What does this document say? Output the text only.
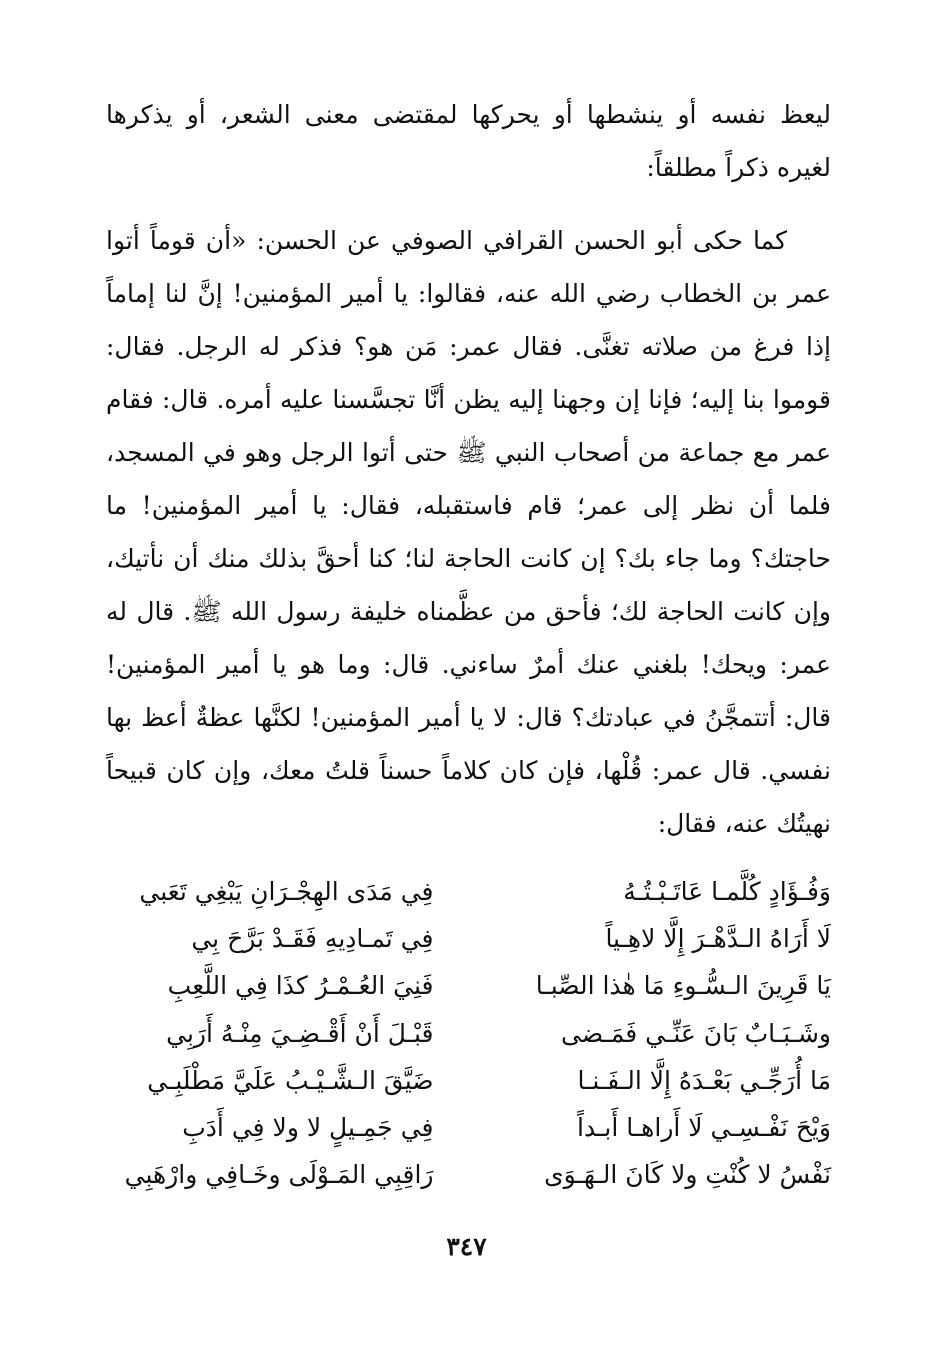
ليعظ نفسه أو ينشطها أو يحركها لمقتضى معنى الشعر، أو يذكرها لغيره ذكراً مطلقاً:

كما حكى أبو الحسن القرافي الصوفي عن الحسن: «أن قوماً أتوا عمر بن الخطاب رضي الله عنه، فقالوا: يا أمير المؤمنين! إنَّ لنا إماماً إذا فرغ من صلاته تغنَّى. فقال عمر: مَن هو؟ فذكر له الرجل. فقال: قوموا بنا إليه؛ فإنا إن وجهنا إليه يظن أنَّا تجسَّسنا عليه أمره. قال: فقام عمر مع جماعة من أصحاب النبي ﷺ حتى أتوا الرجل وهو في المسجد، فلما أن نظر إلى عمر؛ قام فاستقبله، فقال: يا أمير المؤمنين! ما حاجتك؟ وما جاء بك؟ إن كانت الحاجة لنا؛ كنا أحقَّ بذلك منك أن نأتيك، وإن كانت الحاجة لك؛ فأحق من عظَّمناه خليفة رسول الله ﷺ. قال له عمر: ويحك! بلغني عنك أمرٌ ساءني. قال: وما هو يا أمير المؤمنين! قال: أتتمجَّنُ في عبادتك؟ قال: لا يا أمير المؤمنين! لكنَّها عظةٌ أعظ بها نفسي. قال عمر: قُلْها، فإن كان كلاماً حسناً قلتُ معك، وإن كان قبيحاً نهيتُك عنه، فقال:

وَفُـؤَادٍ كُلَّمـا عَاتَـبْـتُـهُ
فِي مَدَى الهِجْـرَانِ يَبْغِي تَعَبي
لَا أَرَاهُ الـدَّهْـرَ إِلَّا لاهِـياً
فِي تَمـادِيهِ فَقَـدْ بَرَّحَ بِي
يَا قَرِينَ الـسُّـوءِ مَا هٰذا الصِّبـا
فَنِيَ العُـمْـرُ كذَا فِي اللَّعِبِ
وشَـبَـابٌ بَانَ عَنِّـي فَمَـضى
قَبْـلَ أَنْ أَقْـضِـيَ مِنْـهُ أَرَبِي
مَا أُرَجِّـي بَعْـدَهُ إِلَّا الـفَـنـا
ضَيَّقَ الـشَّـيْـبُ عَلَيَّ مَطْلَبِـي
وَيْحَ نَفْـسِـي لَا أَراهـا أَبـداً
فِي جَمِـيلٍ لا ولا فِي أَدَبِ
نَفْسُ لا كُنْتِ ولا كَانَ الـهَـوَى
رَاقِبِي المَـوْلَى وخَـافِي وارْهَبِي
٣٤٧
